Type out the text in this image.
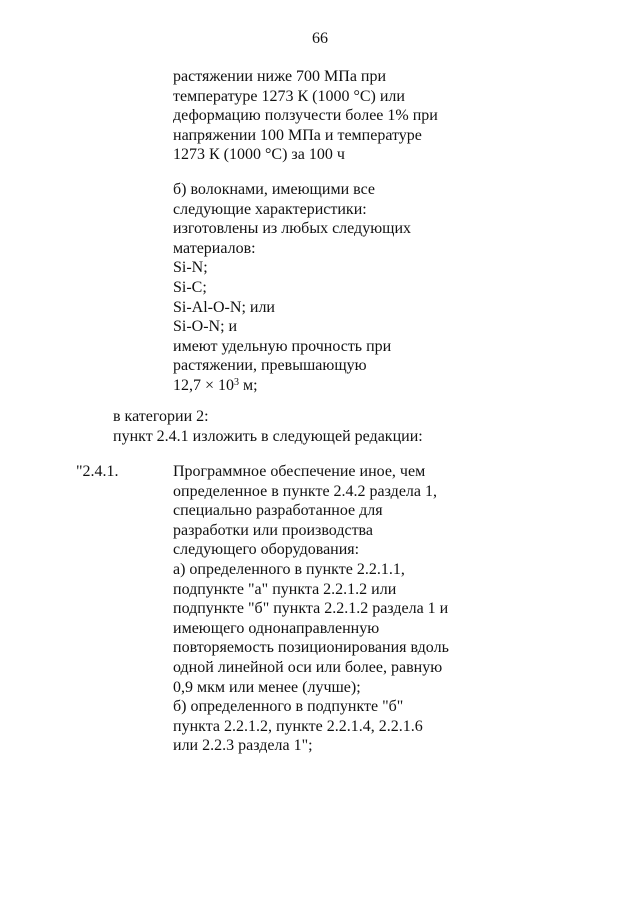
66
растяжении ниже 700 МПа при
температуре 1273 К (1000 °С) или
деформацию ползучести более 1% при
напряжении 100 МПа и температуре
1273 К (1000 °С) за 100 ч
б) волокнами, имеющими все
следующие характеристики:
изготовлены из любых следующих
материалов:
Si-N;
Si-C;
Si-Al-O-N; или
Si-O-N; и
имеют удельную прочность при
растяжении, превышающую
$12,7 \times 10^3$ м;
в категории 2:
пункт 2.4.1 изложить в следующей редакции:
"2.4.1.	Программное обеспечение иное, чем
определенное в пункте 2.4.2 раздела 1,
специально разработанное для
разработки или производства
следующего оборудования:
а) определенного в пункте 2.2.1.1,
подпункте "а" пункта 2.2.1.2 или
подпункте "б" пункта 2.2.1.2 раздела 1 и
имеющего однонаправленную
повторяемость позиционирования вдоль
одной линейной оси или более, равную
0,9 мкм или менее (лучше);
б) определенного в подпункте "б"
пункта 2.2.1.2, пункте 2.2.1.4, 2.2.1.6
или 2.2.3 раздела 1";
